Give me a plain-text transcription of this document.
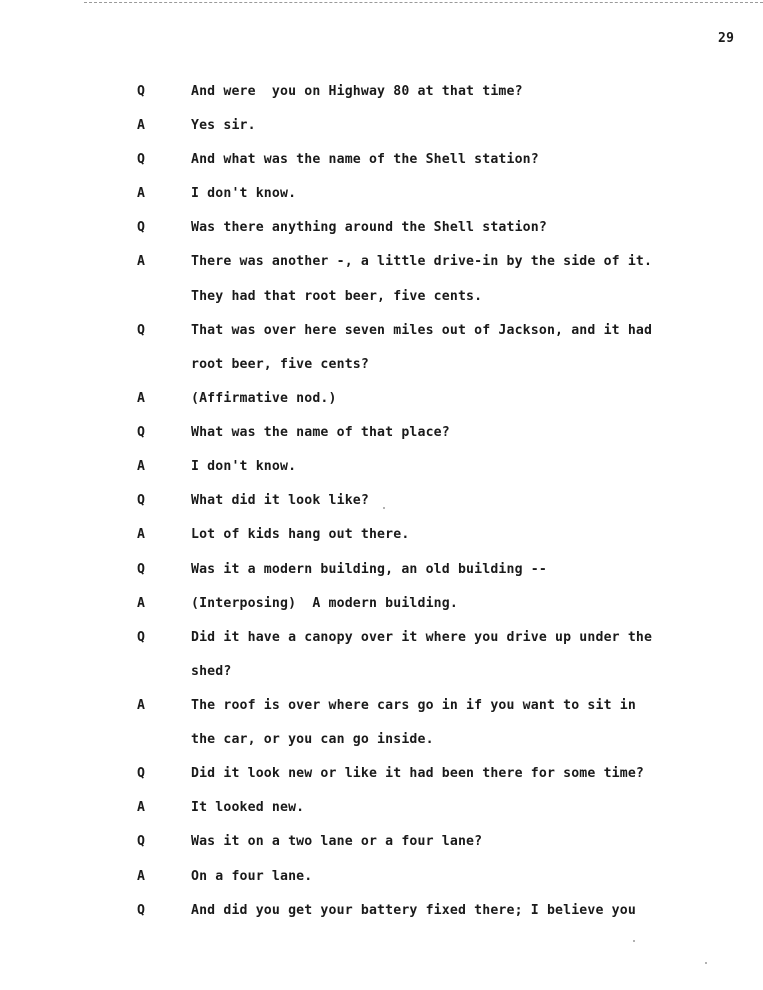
29
Q	And were  you on Highway 80 at that time?
A	Yes sir.
Q	And what was the name of the Shell station?
A	I don't know.
Q	Was there anything around the Shell station?
A	There was another -, a little drive-in by the side of it.
They had that root beer, five cents.
Q	That was over here seven miles out of Jackson, and it had
root beer, five cents?
A	(Affirmative nod.)
Q	What was the name of that place?
A	I don't know.
Q	What did it look like?
A	Lot of kids hang out there.
Q	Was it a modern building, an old building --
A	(Interposing)  A modern building.
Q	Did it have a canopy over it where you drive up under the
shed?
A	The roof is over where cars go in if you want to sit in
the car, or you can go inside.
Q	Did it look new or like it had been there for some time?
A	It looked new.
Q	Was it on a two lane or a four lane?
A	On a four lane.
Q	And did you get your battery fixed there; I believe you
